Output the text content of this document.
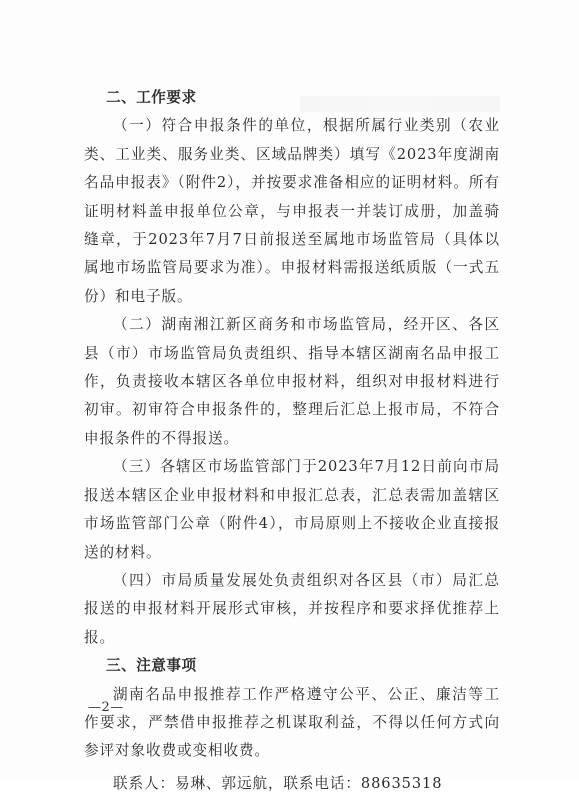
二、工作要求

（一）符合申报条件的单位，根据所属行业类别（农业类、工业类、服务业类、区域品牌类）填写《2023年度湖南名品申报表》（附件2），并按要求准备相应的证明材料。所有证明材料盖申报单位公章，与申报表一并装订成册，加盖骑缝章，于2023年7月7日前报送至属地市场监管局（具体以属地市场监管局要求为准）。申报材料需报送纸质版（一式五份）和电子版。

（二）湖南湘江新区商务和市场监管局，经开区、各区县（市）市场监管局负责组织、指导本辖区湖南名品申报工作，负责接收本辖区各单位申报材料，组织对申报材料进行初审。初审符合申报条件的，整理后汇总上报市局，不符合申报条件的不得报送。

（三）各辖区市场监管部门于2023年7月12日前向市局报送本辖区企业申报材料和申报汇总表，汇总表需加盖辖区市场监管部门公章（附件4），市局原则上不接收企业直接报送的材料。

（四）市局质量发展处负责组织对各区县（市）局汇总报送的申报材料开展形式审核，并按程序和要求择优推荐上报。

三、注意事项

湖南名品申报推荐工作严格遵守公平、公正、廉洁等工作要求，严禁借申报推荐之机谋取利益，不得以任何方式向参评对象收费或变相收费。

联系人：易琳、郭远航，联系电话：88635318

—2—
